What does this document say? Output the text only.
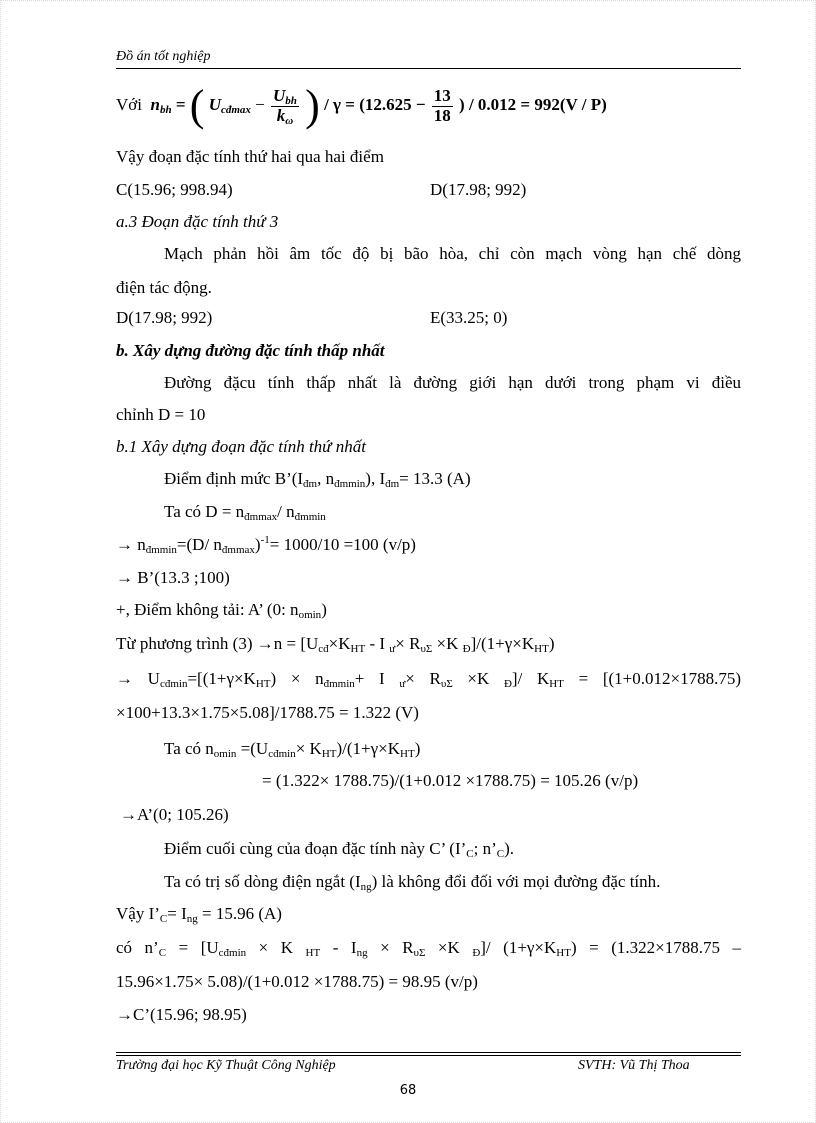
Đồ án tốt nghiệp
Với $n_{bh}$ = ( $U_{cđmax} - \frac{U_{bh}}{k_\omega}$ ) / $\gamma = (12.625 - \frac{13}{18}$ ) / 0.012 = 992(V / P)
Vậy đoạn đặc tính thứ hai qua hai điểm
C(15.96; 998.94)	D(17.98; 992)
a.3 Đoạn đặc tính thứ 3
Mạch phản hồi âm tốc độ bị bão hòa, chỉ còn mạch vòng hạn chế dòng
điện tác động.
D(17.98; 992)	E(33.25; 0)
b. Xây dựng đường đặc tính thấp nhất
Đường đặcu tính thấp nhất là đường giới hạn dưới trong phạm vi điều
chỉnh D = 10
b.1 Xây dựng đoạn đặc tính thứ nhất
Điểm định mức $B’(I_{đm}$, $n_{đmmin}$), $I_{đm}= 13.3$ (A)
Ta có $D = n_{đmmax}/$ $n_{đmmin}$
→ $n_{đmmin}=(D/$ $n_{đmmax})^{-1}= 1000/10 =100$ (v/p)
→ B’(13.3 ;100)
+, Điểm không tải: A’ (0: $n_{omin}$)
Từ phương trình $(3) \to n = [U_{cđ}\times K_{HT} - I$ $_ư\times R_{\upsilon\Sigma} \times K$ $_Đ]/(1+\gamma\times K_{HT})$
→ $U_{cđmin}=[(1+\gamma\times K_{HT}) \times n_{đmmin}+ I$ $_ư\times R_{\upsilon\Sigma} \times K$ $_Đ$]/ $K_{HT} = [(1+0.012\times 1788.75)$
×100+13.3×1.75×5.08]/1788.75 = 1.322 (V)
Ta có $n_{omin} =(U_{cđmin}\times K_{HT})/(1+\gamma\times K_{HT})$
= (1.322× 1788.75)/(1+0.012 ×1788.75) = 105.26 (v/p)
→A’(0; 105.26)
Điểm cuối cùng của đoạn đặc tính này C’ ($I’_C$; $n’_C$).
Ta có trị số dòng điện ngắt $(I_{ng})$ là không đổi đối với mọi đường đặc tính.
Vậy $I’_C= I_{ng} = 15.96$ (A)
có $n’_C = [U_{cđmin} \times K$ $_{HT} - I_{ng} \times R_{\upsilon\Sigma} \times K$ $_Đ$]/ $(1+\gamma\times K_{HT}) = (1.322\times 1788.75$ –
15.96×1.75× 5.08)/(1+0.012 ×1788.75) = 98.95 (v/p)
→C’(15.96; 98.95)
Trường đại học Kỹ Thuật Công Nghiệp	SVTH: Vũ Thị Thoa
68
